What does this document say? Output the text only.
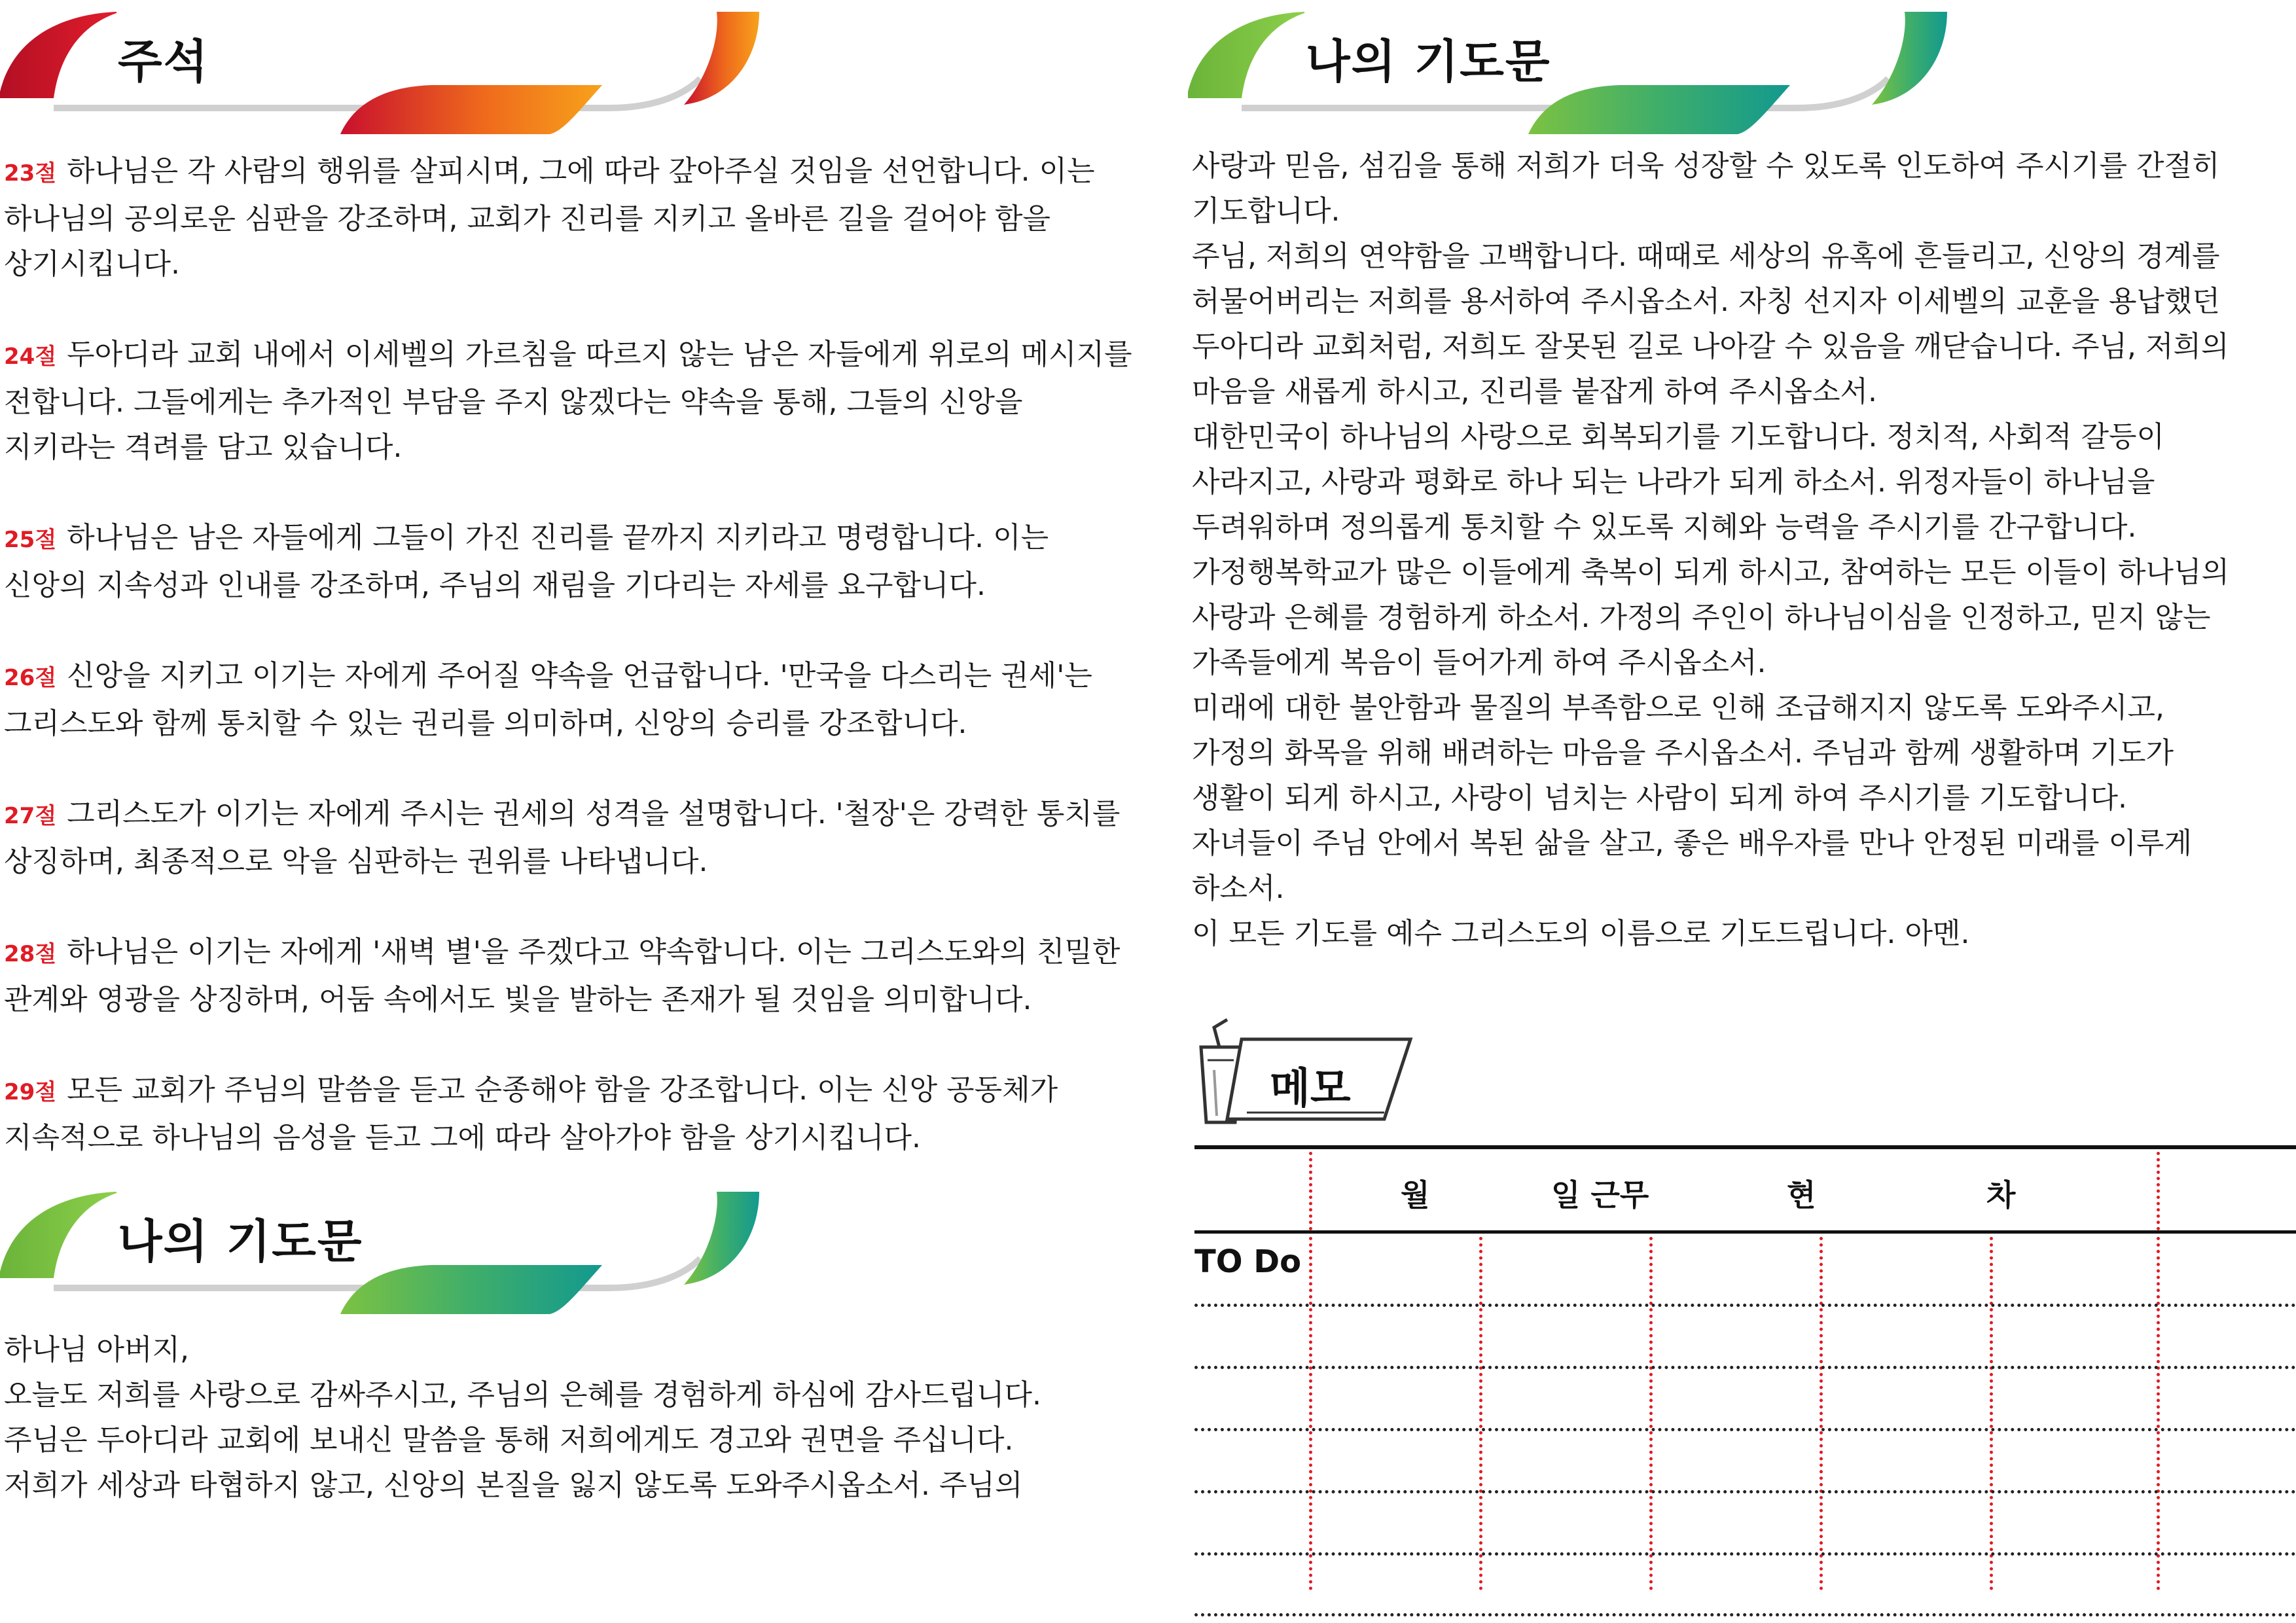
주석

23절 하나님은 각 사람의 행위를 살피시며, 그에 따라 갚아주실 것임을 선언합니다. 이는 하나님의 공의로운 심판을 강조하며, 교회가 진리를 지키고 올바른 길을 걸어야 함을 상기시킵니다.

24절 두아디라 교회 내에서 이세벨의 가르침을 따르지 않는 남은 자들에게 위로의 메시지를 전합니다. 그들에게는 추가적인 부담을 주지 않겠다는 약속을 통해, 그들의 신앙을 지키라는 격려를 담고 있습니다.

25절 하나님은 남은 자들에게 그들이 가진 진리를 끝까지 지키라고 명령합니다. 이는 신앙의 지속성과 인내를 강조하며, 주님의 재림을 기다리는 자세를 요구합니다.

26절 신앙을 지키고 이기는 자에게 주어질 약속을 언급합니다. '만국을 다스리는 권세'는 그리스도와 함께 통치할 수 있는 권리를 의미하며, 신앙의 승리를 강조합니다.

27절 그리스도가 이기는 자에게 주시는 권세의 성격을 설명합니다. '철장'은 강력한 통치를 상징하며, 최종적으로 악을 심판하는 권위를 나타냅니다.

28절 하나님은 이기는 자에게 '새벽 별'을 주겠다고 약속합니다. 이는 그리스도와의 친밀한 관계와 영광을 상징하며, 어둠 속에서도 빛을 발하는 존재가 될 것임을 의미합니다.

29절 모든 교회가 주님의 말씀을 듣고 순종해야 함을 강조합니다. 이는 신앙 공동체가 지속적으로 하나님의 음성을 듣고 그에 따라 살아가야 함을 상기시킵니다.

나의 기도문

하나님 아버지,

오늘도 저희를 사랑으로 감싸주시고, 주님의 은혜를 경험하게 하심에 감사드립니다.

주님은 두아디라 교회에 보내신 말씀을 통해 저희에게도 경고와 권면을 주십니다.

저희가 세상과 타협하지 않고, 신앙의 본질을 잃지 않도록 도와주시옵소서. 주님의

나의 기도문

사랑과 믿음, 섬김을 통해 저희가 더욱 성장할 수 있도록 인도하여 주시기를 간절히

기도합니다.

주님, 저희의 연약함을 고백합니다. 때때로 세상의 유혹에 흔들리고, 신앙의 경계를

허물어버리는 저희를 용서하여 주시옵소서. 자칭 선지자 이세벨의 교훈을 용납했던

두아디라 교회처럼, 저희도 잘못된 길로 나아갈 수 있음을 깨닫습니다. 주님, 저희의

마음을 새롭게 하시고, 진리를 붙잡게 하여 주시옵소서.

대한민국이 하나님의 사랑으로 회복되기를 기도합니다. 정치적, 사회적 갈등이

사라지고, 사랑과 평화로 하나 되는 나라가 되게 하소서. 위정자들이 하나님을

두려워하며 정의롭게 통치할 수 있도록 지혜와 능력을 주시기를 간구합니다.

가정행복학교가 많은 이들에게 축복이 되게 하시고, 참여하는 모든 이들이 하나님의

사랑과 은혜를 경험하게 하소서. 가정의 주인이 하나님이심을 인정하고, 믿지 않는

가족들에게 복음이 들어가게 하여 주시옵소서.

미래에 대한 불안함과 물질의 부족함으로 인해 조급해지지 않도록 도와주시고,

가정의 화목을 위해 배려하는 마음을 주시옵소서. 주님과 함께 생활하며 기도가

생활이 되게 하시고, 사랑이 넘치는 사람이 되게 하여 주시기를 기도합니다.

자녀들이 주님 안에서 복된 삶을 살고, 좋은 배우자를 만나 안정된 미래를 이루게

하소서.

이 모든 기도를 예수 그리스도의 이름으로 기도드립니다. 아멘.

메모
월	일 근무	현	차
TO Do
